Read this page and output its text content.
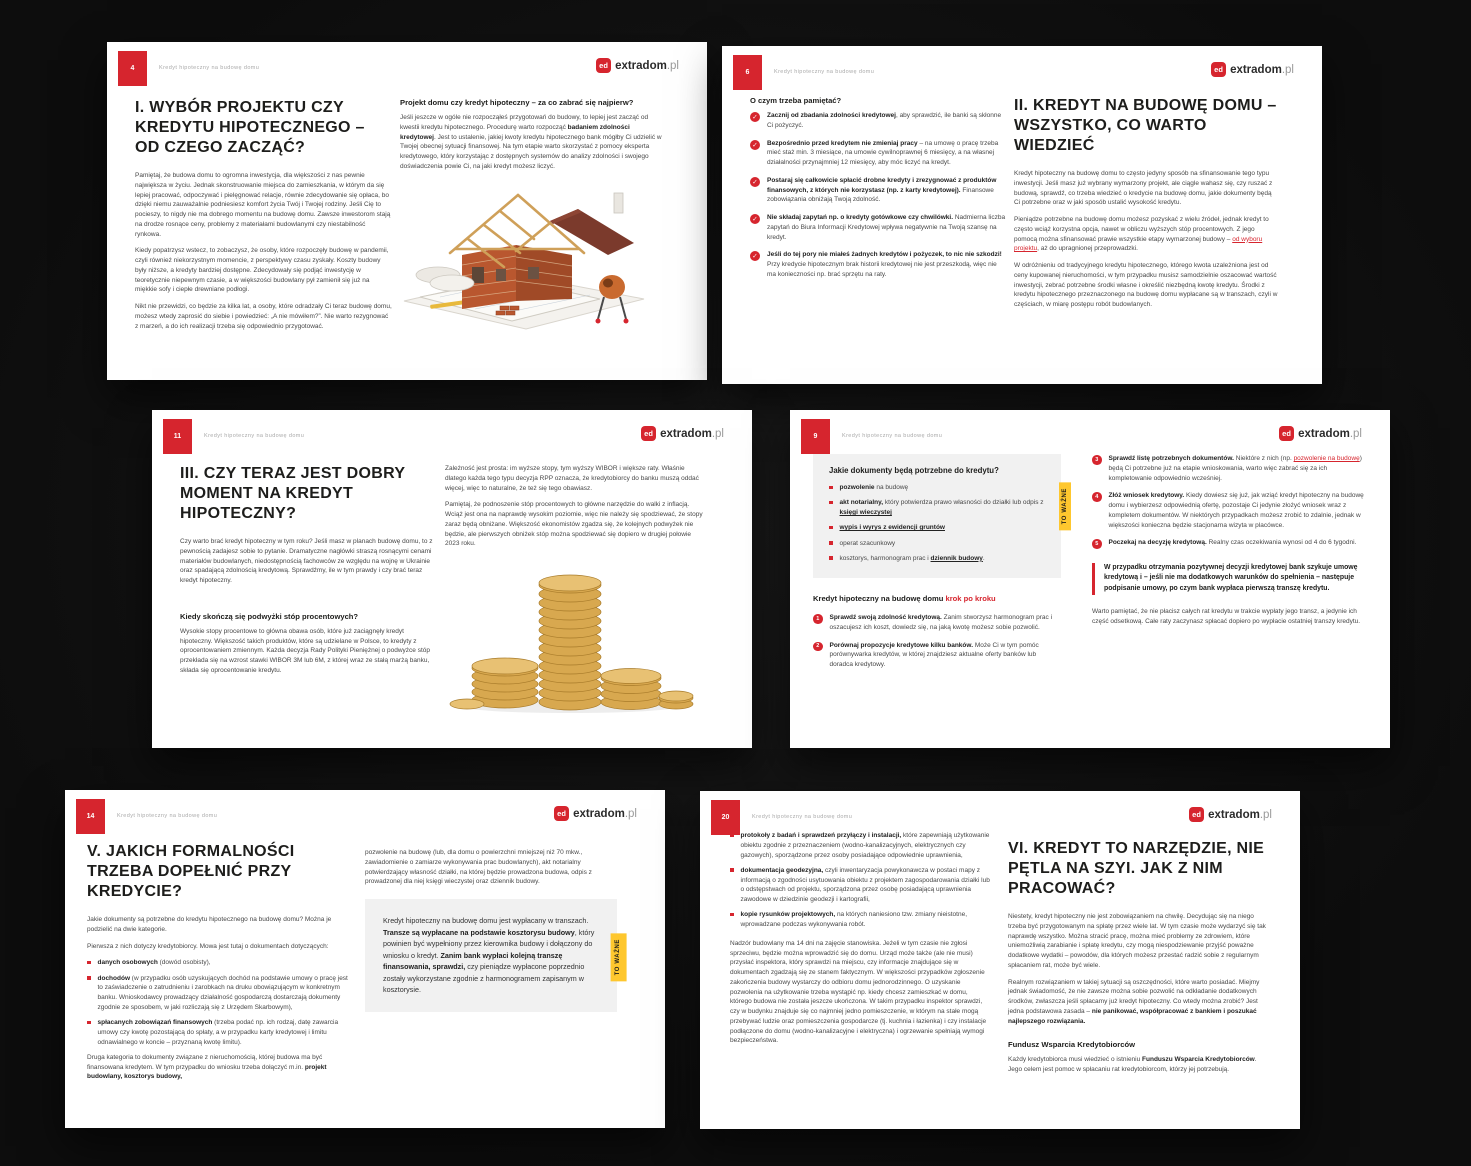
4	Kredyt hipoteczny na budowę domu	ed extradom.pl
I. WYBÓR PROJEKTU CZY KREDYTU HIPOTECZNEGO – OD CZEGO ZACZĄĆ?

Pamiętaj, że budowa domu to ogromna inwestycja, dla większości z nas pewnie największa w życiu. Jednak skonstruowanie miejsca do zamieszkania, w którym da się lepiej pracować, odpoczywać i pielęgnować relacje, równie zdecydowanie się opłaca, bo dzięki niemu zauważalnie podniesiesz komfort życia Twój i Twojej rodziny. Jeśli Cię to pocieszy, to nigdy nie ma dobrego momentu na budowę domu. Zawsze inwestorom stają na drodze rosnące ceny, problemy z materiałami budowlanymi czy niestabilność rynkowa.

Kiedy popatrzysz wstecz, to zobaczysz, że osoby, które rozpoczęły budowę w pandemii, czyli również niekorzystnym momencie, z perspektywy czasu zyskały. Koszty budowy były niższe, a kredyty bardziej dostępne. Zdecydowały się podjąć inwestycję w teoretycznie niepewnym czasie, a w większości budowlany pył zamienił się już na miękkie sofy i ciepłe drewniane podłogi.

Nikt nie przewidzi, co będzie za kilka lat, a osoby, które odradzały Ci teraz budowę domu, możesz wtedy zaprosić do siebie i powiedzieć: „A nie mówiłem?”. Nie warto rezygnować z marzeń, a do ich realizacji trzeba się odpowiednio przygotować.

Projekt domu czy kredyt hipoteczny – za co zabrać się najpierw?

Jeśli jeszcze w ogóle nie rozpocząłeś przygotowań do budowy, to lepiej jest zacząć od kwestii kredytu hipotecznego. Procedurę warto rozpocząć badaniem zdolności kredytowej. Jest to ustalenie, jakiej kwoty kredytu hipotecznego bank mógłby Ci udzielić w Twojej obecnej sytuacji finansowej. Na tym etapie warto skorzystać z pomocy eksperta kredytowego, który korzystając z dostępnych systemów do analizy zdolności i swojego doświadczenia powie Ci, na jaki kredyt możesz liczyć.

6	Kredyt hipoteczny na budowę domu	ed extradom.pl
O czym trzeba pamiętać?
✓	Zacznij od zbadania zdolności kredytowej, aby sprawdzić, ile banki są skłonne Ci pożyczyć.

✓	Bezpośrednio przed kredytem nie zmieniaj pracy – na umowę o pracę trzeba mieć staż min. 3 miesiące, na umowie cywilnoprawnej 6 miesięcy, a na własnej działalności przynajmniej 12 miesięcy, aby móc liczyć na kredyt.

✓	Postaraj się całkowicie spłacić drobne kredyty i zrezygnować z produktów finansowych, z których nie korzystasz (np. z karty kredytowej). Finansowe zobowiązania obniżają Twoją zdolność.

✓	Nie składaj zapytań np. o kredyty gotówkowe czy chwilówki. Nadmierna liczba zapytań do Biura Informacji Kredytowej wpływa negatywnie na Twoją szansę na kredyt.

✓	Jeśli do tej pory nie miałeś żadnych kredytów i pożyczek, to nic nie szkodzi! Przy kredycie hipotecznym brak historii kredytowej nie jest przeszkodą, więc nie ma konieczności np. brać sprzętu na raty.

II. KREDYT NA BUDOWĘ DOMU – WSZYSTKO, CO WARTO WIEDZIEĆ

Kredyt hipoteczny na budowę domu to często jedyny sposób na sfinansowanie tego typu inwestycji. Jeśli masz już wybrany wymarzony projekt, ale ciągle wahasz się, czy ruszać z budową, sprawdź, co trzeba wiedzieć o kredycie na budowę domu, jakie dokumenty będą Ci potrzebne oraz w jaki sposób ustalić wysokość kredytu.

Pieniądze potrzebne na budowę domu możesz pozyskać z wielu źródeł, jednak kredyt to często wciąż korzystna opcja, nawet w obliczu wyższych stóp procentowych. Z jego pomocą można sfinansować prawie wszystkie etapy wymarzonej budowy – od wyboru projektu, aż do upragnionej przeprowadzki.

W odróżnieniu od tradycyjnego kredytu hipotecznego, którego kwota uzależniona jest od ceny kupowanej nieruchomości, w tym przypadku musisz samodzielnie oszacować wartość inwestycji, zebrać potrzebne środki własne i określić niezbędną kwotę kredytu. Środki z kredytu hipotecznego przeznaczonego na budowę domu wypłacane są w transzach, czyli w częściach, w miarę postępu robót budowlanych.

11	Kredyt hipoteczny na budowę domu	ed extradom.pl
III. CZY TERAZ JEST DOBRY MOMENT NA KREDYT HIPOTECZNY?

Czy warto brać kredyt hipoteczny w tym roku? Jeśli masz w planach budowę domu, to z pewnością zadajesz sobie to pytanie. Dramatyczne nagłówki straszą rosnącymi cenami materiałów budowlanych, niedostępnością fachowców ze względu na wojnę w Ukrainie oraz spadającą zdolnością kredytową. Sprawdźmy, ile w tym prawdy i czy brać teraz kredyt hipoteczny.

Kiedy skończą się podwyżki stóp procentowych?

Wysokie stopy procentowe to główna obawa osób, które już zaciągnęły kredyt hipoteczny. Większość takich produktów, które są udzielane w Polsce, to kredyty z oprocentowaniem zmiennym. Każda decyzja Rady Polityki Pieniężnej o podwyżce stóp przekłada się na wzrost stawki WIBOR 3M lub 6M, z której wraz ze stałą marżą banku, składa się oprocentowanie kredytu.

Zależność jest prosta: im wyższe stopy, tym wyższy WIBOR i większe raty. Właśnie dlatego każda tego typu decyzja RPP oznacza, że kredytobiorcy do banku muszą oddać więcej, więc to naturalne, że też się tego obawiasz.

Pamiętaj, że podnoszenie stóp procentowych to główne narzędzie do walki z inflacją. Wciąż jest ona na naprawdę wysokim poziomie, więc nie należy się spodziewać, że stopy zaraz będą obniżane. Większość ekonomistów zgadza się, że kolejnych podwyżek nie będzie, ale pierwszych obniżek stóp można spodziewać się dopiero w drugiej połowie 2023 roku.

9	Kredyt hipoteczny na budowę domu	ed extradom.pl
TO WAŻNE
Jakie dokumenty będą potrzebne do kredytu?

pozwolenie na budowę

akt notarialny, który potwierdza prawo własności do działki lub odpis z księgi wieczystej

wypis i wyrys z ewidencji gruntów

operat szacunkowy

kosztorys, harmonogram prac i dziennik budowy.

Kredyt hipoteczny na budowę domu krok po kroku
1	Sprawdź swoją zdolność kredytową. Zanim stworzysz harmonogram prac i oszacujesz ich koszt, dowiedz się, na jaką kwotę możesz sobie pozwolić.

2	Porównaj propozycje kredytowe kilku banków. Może Ci w tym pomóc porównywarka kredytów, w której znajdziesz aktualne oferty banków lub doradca kredytowy.

3	Sprawdź listę potrzebnych dokumentów. Niektóre z nich (np. pozwolenie na budowę) będą Ci potrzebne już na etapie wnioskowania, warto więc zabrać się za ich kompletowanie odpowiednio wcześniej.

4	Złóż wniosek kredytowy. Kiedy dowiesz się już, jak wziąć kredyt hipoteczny na budowę domu i wybierzesz odpowiednią ofertę, pozostaje Ci jedynie złożyć wniosek wraz z kompletem dokumentów. W niektórych przypadkach możesz zrobić to zdalnie, jednak w większości konieczna będzie stacjonarna wizyta w placówce.

5	Poczekaj na decyzję kredytową. Realny czas oczekiwania wynosi od 4 do 6 tygodni.

W przypadku otrzymania pozytywnej decyzji kredytowej bank szykuje umowę kredytową i – jeśli nie ma dodatkowych warunków do spełnienia – następuje podpisanie umowy, po czym bank wypłaca pierwszą transzę kredytu.

Warto pamiętać, że nie płacisz całych rat kredytu w trakcie wypłaty jego transz, a jedynie ich część odsetkową. Całe raty zaczynasz spłacać dopiero po wypłacie ostatniej transzy kredytu.

14	Kredyt hipoteczny na budowę domu	ed extradom.pl
V. JAKICH FORMALNOŚCI TRZEBA DOPEŁNIĆ PRZY KREDYCIE?

Jakie dokumenty są potrzebne do kredytu hipotecznego na budowę domu? Można je podzielić na dwie kategorie.

Pierwsza z nich dotyczy kredytobiorcy. Mowa jest tutaj o dokumentach dotyczących:

danych osobowych (dowód osobisty),

dochodów (w przypadku osób uzyskujących dochód na podstawie umowy o pracę jest to zaświadczenie o zatrudnieniu i zarobkach na druku obowiązującym w konkretnym banku. Wnioskodawcy prowadzący działalność gospodarczą dostarczają dokumenty zgodnie ze sposobem, w jaki rozliczają się z Urzędem Skarbowym),

spłacanych zobowiązań finansowych (trzeba podać np. ich rodzaj, datę zawarcia umowy czy kwotę pozostającą do spłaty, a w przypadku karty kredytowej i limitu odnawialnego w koncie – przyznaną kwotę limitu).

Druga kategoria to dokumenty związane z nieruchomością, której budowa ma być finansowana kredytem. W tym przypadku do wniosku trzeba dołączyć m.in. projekt budowlany, kosztorys budowy,

pozwolenie na budowę (lub, dla domu o powierzchni mniejszej niż 70 mkw., zawiadomienie o zamiarze wykonywania prac budowlanych), akt notarialny potwierdzający własność działki, na której będzie prowadzona budowa, odpis z prowadzonej dla niej księgi wieczystej oraz dziennik budowy.

TO WAŻNE
Kredyt hipoteczny na budowę domu jest wypłacany w transzach. Transze są wypłacane na podstawie kosztorysu budowy, który powinien być wypełniony przez kierownika budowy i dołączony do wniosku o kredyt. Zanim bank wypłaci kolejną transzę finansowania, sprawdzi, czy pieniądze wypłacone poprzednio zostały wykorzystane zgodnie z harmonogramem zapisanym w kosztorysie.
20	Kredyt hipoteczny na budowę domu	ed extradom.pl

protokoły z badań i sprawdzeń przyłączy i instalacji, które zapewniają użytkowanie obiektu zgodnie z przeznaczeniem (wodno-kanalizacyjnych, elektrycznych czy gazowych), sporządzone przez osoby posiadające odpowiednie uprawnienia,

dokumentacja geodezyjna, czyli inwentaryzacja powykonawcza w postaci mapy z informacją o zgodności usytuowania obiektu z projektem zagospodarowania działki lub o odstępstwach od projektu, sporządzona przez osobę posiadającą uprawnienia zawodowe w dziedzinie geodezji i kartografii,

kopie rysunków projektowych, na których naniesiono tzw. zmiany nieistotne, wprowadzane podczas wykonywania robót.

Nadzór budowlany ma 14 dni na zajęcie stanowiska. Jeżeli w tym czasie nie zgłosi sprzeciwu, będzie można wprowadzić się do domu. Urząd może także (ale nie musi) przysłać inspektora, który sprawdzi na miejscu, czy informacje znajdujące się w dokumentach zgadzają się ze stanem faktycznym. W większości przypadków zgłoszenie zakończenia budowy wystarczy do odbioru domu jednorodzinnego. O uzyskanie pozwolenia na użytkowanie trzeba wystąpić np. kiedy chcesz zamieszkać w domu, którego budowa nie została jeszcze ukończona. W takim przypadku inspektor sprawdzi, czy w budynku znajduje się co najmniej jedno pomieszczenie, w którym na stałe mogą przebywać ludzie oraz pomieszczenia gospodarcze (tj. kuchnia i łazienka) i czy instalacje podłączone do domu (wodno-kanalizacyjne i elektryczna) i ogrzewanie spełniają wymogi bezpieczeństwa.

VI. KREDYT TO NARZĘDZIE, NIE PĘTLA NA SZYI. JAK Z NIM PRACOWAĆ?

Niestety, kredyt hipoteczny nie jest zobowiązaniem na chwilę. Decydując się na niego trzeba być przygotowanym na spłatę przez wiele lat. W tym czasie może wydarzyć się tak naprawdę wszystko. Można stracić pracę, można mieć problemy ze zdrowiem, które uniemożliwią zarabianie i spłatę kredytu, czy mogą niespodziewanie przyjść poważne dodatkowe wydatki – powodów, dla których możesz przestać radzić sobie z regularnym spłacaniem rat, może być wiele.

Realnym rozwiązaniem w takiej sytuacji są oszczędności, które warto posiadać. Miejmy jednak świadomość, że nie zawsze można sobie pozwolić na odkładanie dodatkowych środków, zwłaszcza jeśli spłacamy już kredyt hipoteczny. Co wtedy można zrobić? Jest jedna podstawowa zasada – nie panikować, współpracować z bankiem i poszukać najlepszego rozwiązania.

Fundusz Wsparcia Kredytobiorców

Każdy kredytobiorca musi wiedzieć o istnieniu Funduszu Wsparcia Kredytobiorców. Jego celem jest pomoc w spłacaniu rat kredytobiorcom, którzy jej potrzebują.
